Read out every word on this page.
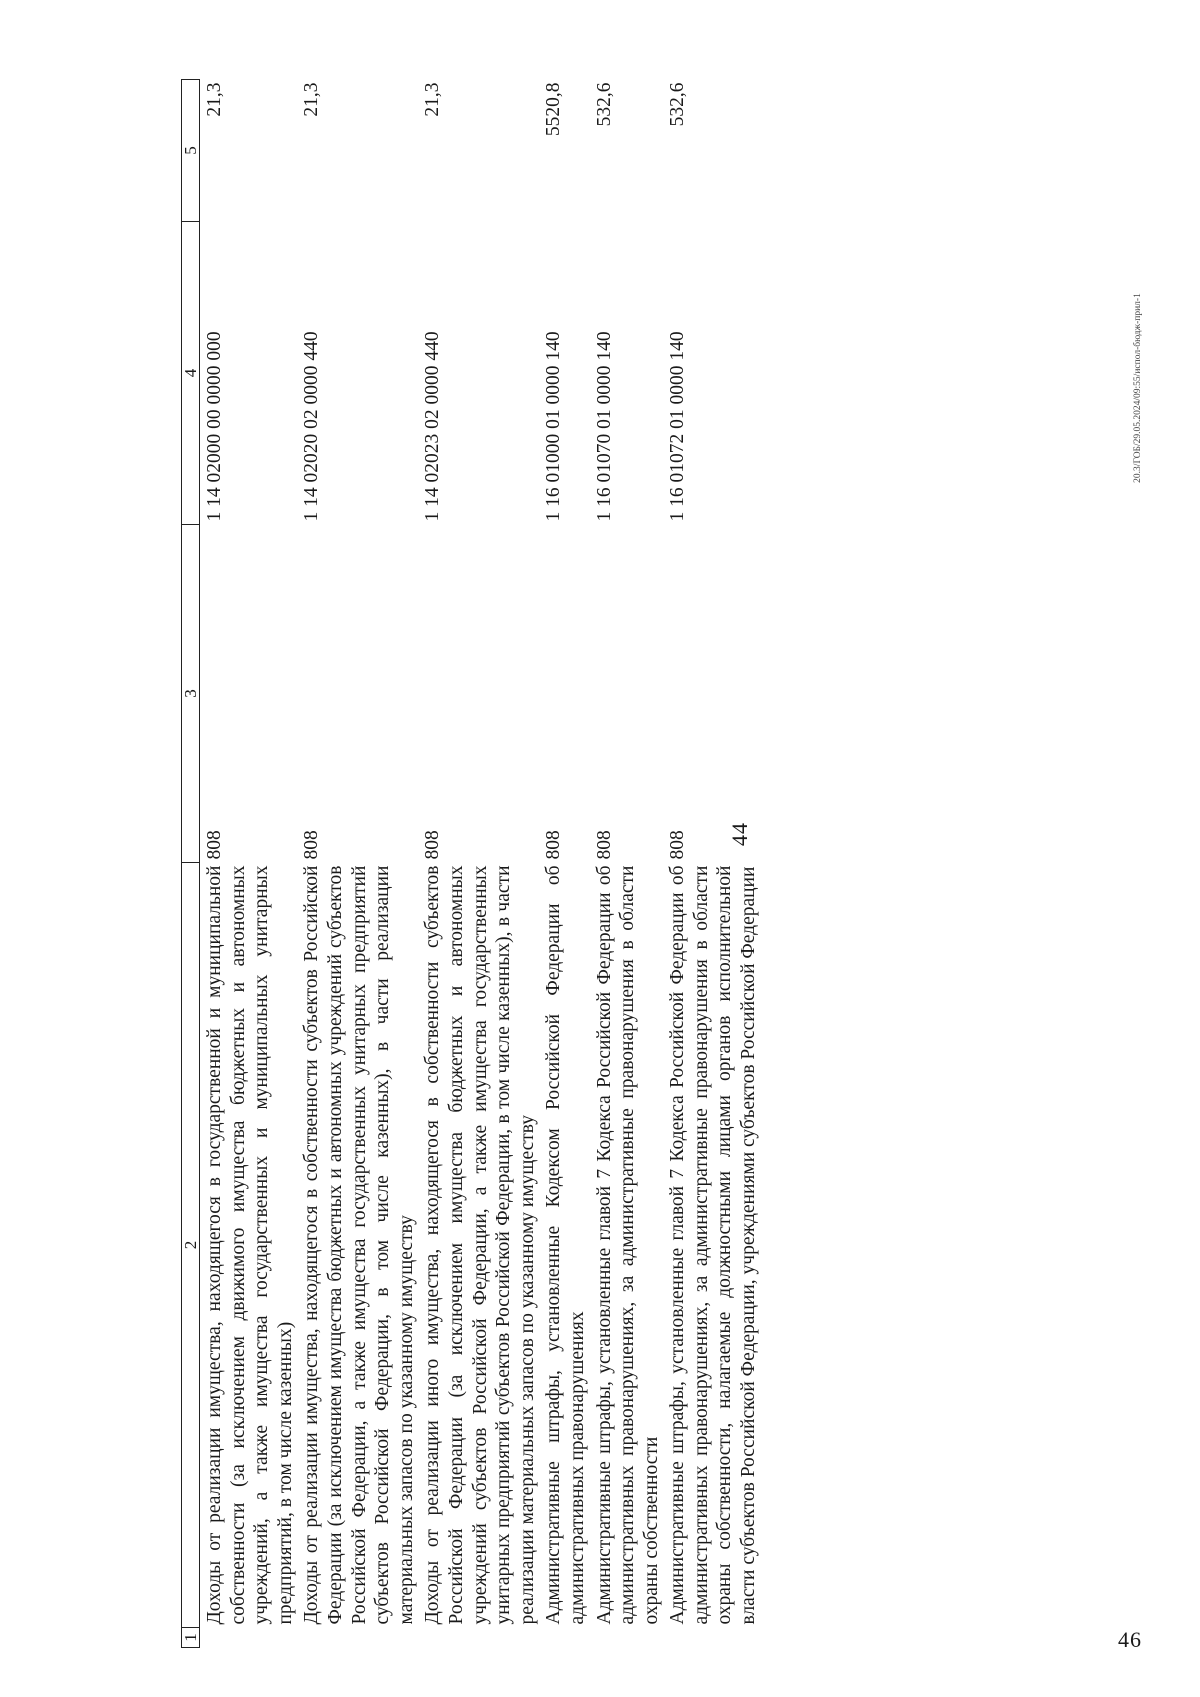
44
1	2	3	4	5
	Доходы от реализации имущества, находящегося в государственной и муниципальной собственности (за исключением движимого имущества бюджетных и автономных учреждений, а также имущества государственных и муниципальных унитарных предприятий, в том числе казенных)	808	1 14 02000 00 0000 000	21,3
	Доходы от реализации имущества, находящегося в собственности субъектов Российской Федерации (за исключением имущества бюджетных и автономных учреждений субъектов Российской Федерации, а также имущества государственных унитарных предприятий субъектов Российской Федерации, в том числе казенных), в части реализации материальных запасов по указанному имуществу	808	1 14 02020 02 0000 440	21,3
	Доходы от реализации иного имущества, находящегося в собственности субъектов Российской Федерации (за исключением имущества бюджетных и автономных учреждений субъектов Российской Федерации, а также имущества государственных унитарных предприятий субъектов Российской Федерации, в том числе казенных), в части реализации материальных запасов по указанному имуществу	808	1 14 02023 02 0000 440	21,3
	Административные штрафы, установленные Кодексом Российской Федерации об административных правонарушениях	808	1 16 01000 01 0000 140	5520,8
	Административные штрафы, установленные главой 7 Кодекса Российской Федерации об административных правонарушениях, за административные правонарушения в области охраны собственности	808	1 16 01070 01 0000 140	532,6
	Административные штрафы, установленные главой 7 Кодекса Российской Федерации об административных правонарушениях, за административные правонарушения в области охраны собственности, налагаемые должностными лицами органов исполнительной власти субъектов Российской Федерации, учреждениями субъектов Российской Федерации	808	1 16 01072 01 0000 140	532,6
20.3/ГОБ/29.05.2024/09:55/испол-бюдж-прил-1
46
